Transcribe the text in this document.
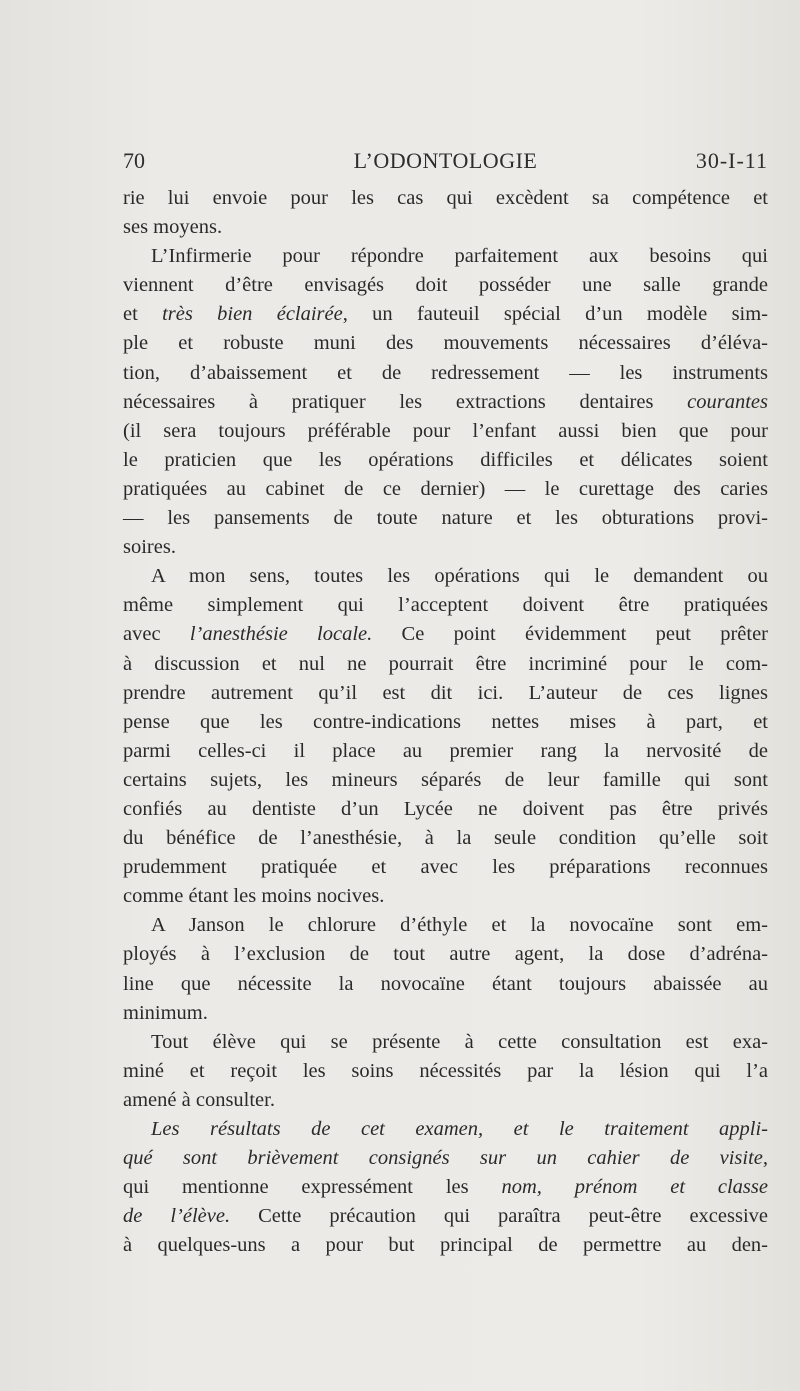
70	L’ODONTOLOGIE	30-I-11
rie lui envoie pour les cas qui excèdent sa compétence et
ses moyens.
L’Infirmerie pour répondre parfaitement aux besoins qui
viennent d’être envisagés doit posséder une salle grande
et très bien éclairée, un fauteuil spécial d’un modèle sim-
ple et robuste muni des mouvements nécessaires d’éléva-
tion, d’abaissement et de redressement — les instruments
nécessaires à pratiquer les extractions dentaires courantes
(il sera toujours préférable pour l’enfant aussi bien que pour
le praticien que les opérations difficiles et délicates soient
pratiquées au cabinet de ce dernier) — le curettage des caries
— les pansements de toute nature et les obturations provi-
soires.
A mon sens, toutes les opérations qui le demandent ou
même simplement qui l’acceptent doivent être pratiquées
avec l’anesthésie locale. Ce point évidemment peut prêter
à discussion et nul ne pourrait être incriminé pour le com-
prendre autrement qu’il est dit ici. L’auteur de ces lignes
pense que les contre-indications nettes mises à part, et
parmi celles-ci il place au premier rang la nervosité de
certains sujets, les mineurs séparés de leur famille qui sont
confiés au dentiste d’un Lycée ne doivent pas être privés
du bénéfice de l’anesthésie, à la seule condition qu’elle soit
prudemment pratiquée et avec les préparations reconnues
comme étant les moins nocives.
A Janson le chlorure d’éthyle et la novocaïne sont em-
ployés à l’exclusion de tout autre agent, la dose d’adréna-
line que nécessite la novocaïne étant toujours abaissée au
minimum.
Tout élève qui se présente à cette consultation est exa-
miné et reçoit les soins nécessités par la lésion qui l’a
amené à consulter.
Les résultats de cet examen, et le traitement appli-
qué sont brièvement consignés sur un cahier de visite,
qui mentionne expressément les nom, prénom et classe
de l’élève. Cette précaution qui paraîtra peut-être excessive
à quelques-uns a pour but principal de permettre au den-
